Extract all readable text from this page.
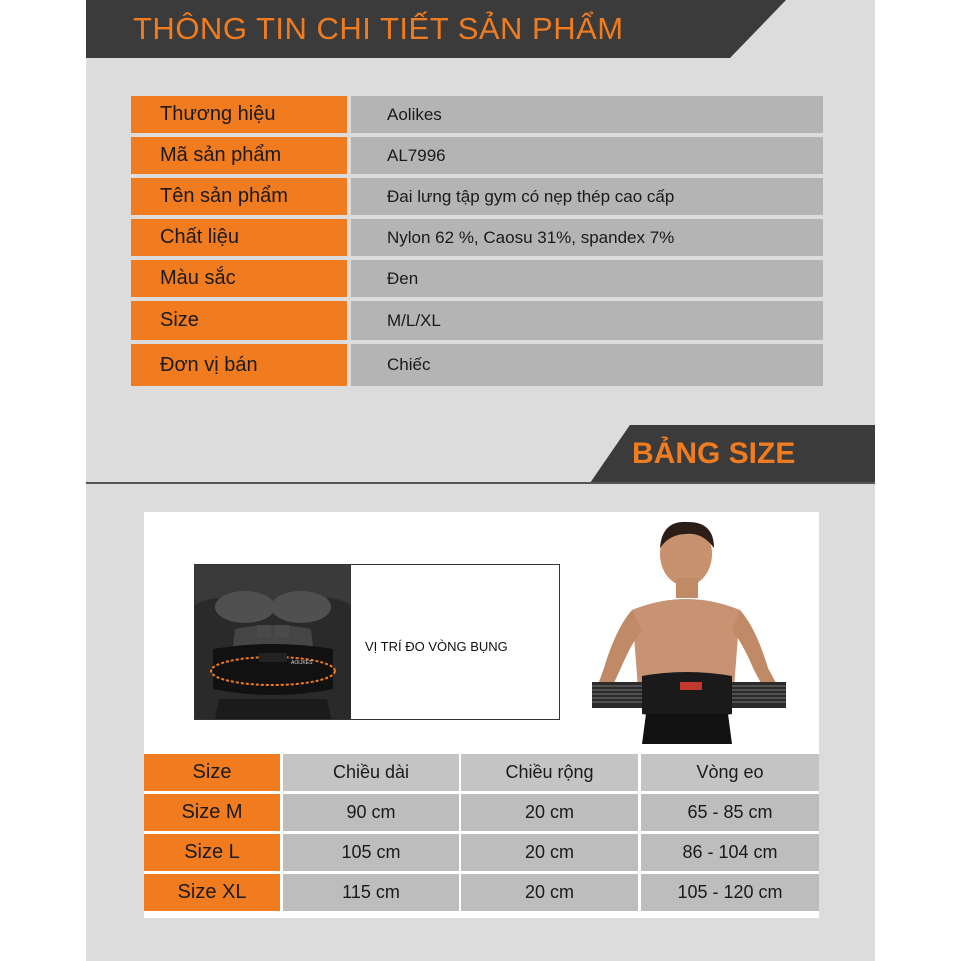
THÔNG TIN CHI TIẾT SẢN PHẨM
Thương hiệu	Aolikes
Mã sản phẩm	AL7996
Tên sản phẩm	Đai lưng tập gym có nẹp thép cao cấp
Chất liệu	Nylon 62 %, Caosu 31%, spandex 7%
Màu sắc	Đen
Size	M/L/XL
Đơn vị bán	Chiếc
BẢNG SIZE
AOLIKES
VỊ TRÍ ĐO VÒNG BỤNG
Size	Chiều dài	Chiều rộng	Vòng eo
Size M	90 cm	20 cm	65 - 85 cm
Size L	105 cm	20 cm	86 - 104 cm
Size XL	115 cm	20 cm	105 - 120 cm
